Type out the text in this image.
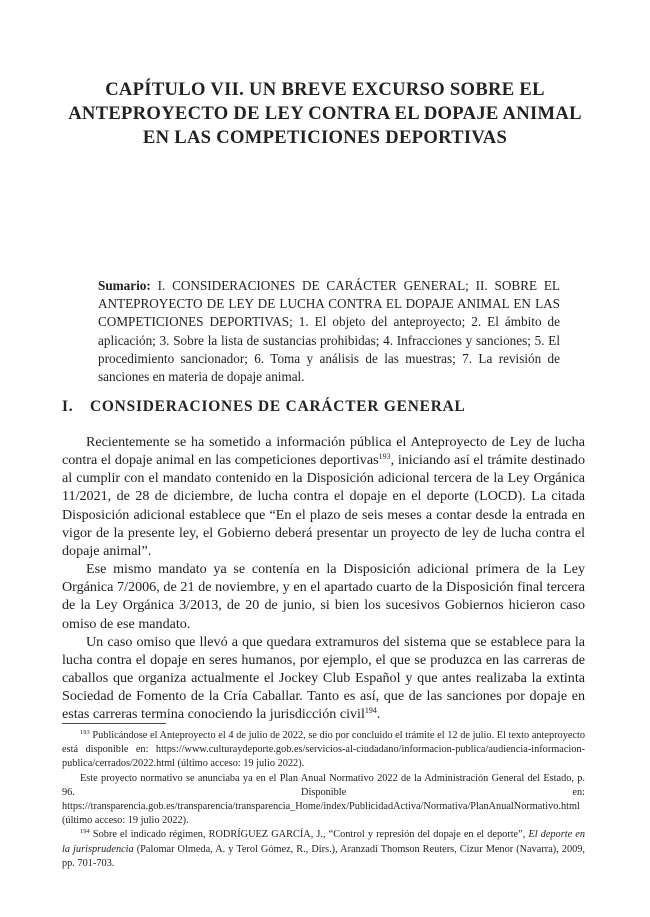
CAPÍTULO VII. UN BREVE EXCURSO SOBRE EL
ANTEPROYECTO DE LEY CONTRA EL DOPAJE ANIMAL
EN LAS COMPETICIONES DEPORTIVAS
Sumario: I. CONSIDERACIONES DE CARÁCTER GENERAL; II. SOBRE EL ANTEPROYECTO DE LEY DE LUCHA CONTRA EL DOPAJE ANIMAL EN LAS COMPETICIONES DEPORTIVAS; 1. El objeto del anteproyecto; 2. El ámbito de aplicación; 3. Sobre la lista de sustancias prohibidas; 4. Infracciones y sanciones; 5. El procedimiento sancionador; 6. Toma y análisis de las muestras; 7. La revisión de sanciones en materia de dopaje animal.
I. CONSIDERACIONES DE CARÁCTER GENERAL

Recientemente se ha sometido a información pública el Anteproyecto de Ley de lucha contra el dopaje animal en las competiciones deportivas$^{193}$, iniciando así el trámite destinado al cumplir con el mandato contenido en la Disposición adicional tercera de la Ley Orgánica 11/2021, de 28 de diciembre, de lucha contra el dopaje en el deporte (LOCD). La citada Disposición adicional establece que “En el plazo de seis meses a contar desde la entrada en vigor de la presente ley, el Gobierno deberá presentar un proyecto de ley de lucha contra el dopaje animal”.

Ese mismo mandato ya se contenía en la Disposición adicional primera de la Ley Orgánica 7/2006, de 21 de noviembre, y en el apartado cuarto de la Disposición final tercera de la Ley Orgánica 3/2013, de 20 de junio, si bien los sucesivos Gobiernos hicieron caso omiso de ese mandato.

Un caso omiso que llevó a que quedara extramuros del sistema que se establece para la lucha contra el dopaje en seres humanos, por ejemplo, el que se produzca en las carreras de caballos que organiza actualmente el Jockey Club Español y que antes realizaba la extinta Sociedad de Fomento de la Cría Caballar. Tanto es así, que de las sanciones por dopaje en estas carreras termina conociendo la jurisdicción civil$^{194}$.

$^{193}$ Publicándose el Anteproyecto el 4 de julio de 2022, se dio por concluido el trámite el 12 de julio. El texto anteproyecto está disponible en: https://www.culturaydeporte.gob.es/servicios-al-ciudadano/informacion-publica/audiencia-informacion-publica/cerrados/2022.html (último acceso: 19 julio 2022).

Este proyecto normativo se anunciaba ya en el Plan Anual Normativo 2022 de la Administración General del Estado, p. 96. Disponible en: https://transparencia.gob.es/transparencia/transparencia_Home/index/PublicidadActiva/Normativa/PlanAnualNormativo.html (último acceso: 19 julio 2022).

$^{194}$ Sobre el indicado régimen, RODRÍGUEZ GARCÍA, J., “Control y represión del dopaje en el deporte”, El deporte en la jurisprudencia (Palomar Olmeda, A. y Terol Gómez, R., Dirs.), Aranzadi Thomson Reuters, Cizur Menor (Navarra), 2009, pp. 701-703.
